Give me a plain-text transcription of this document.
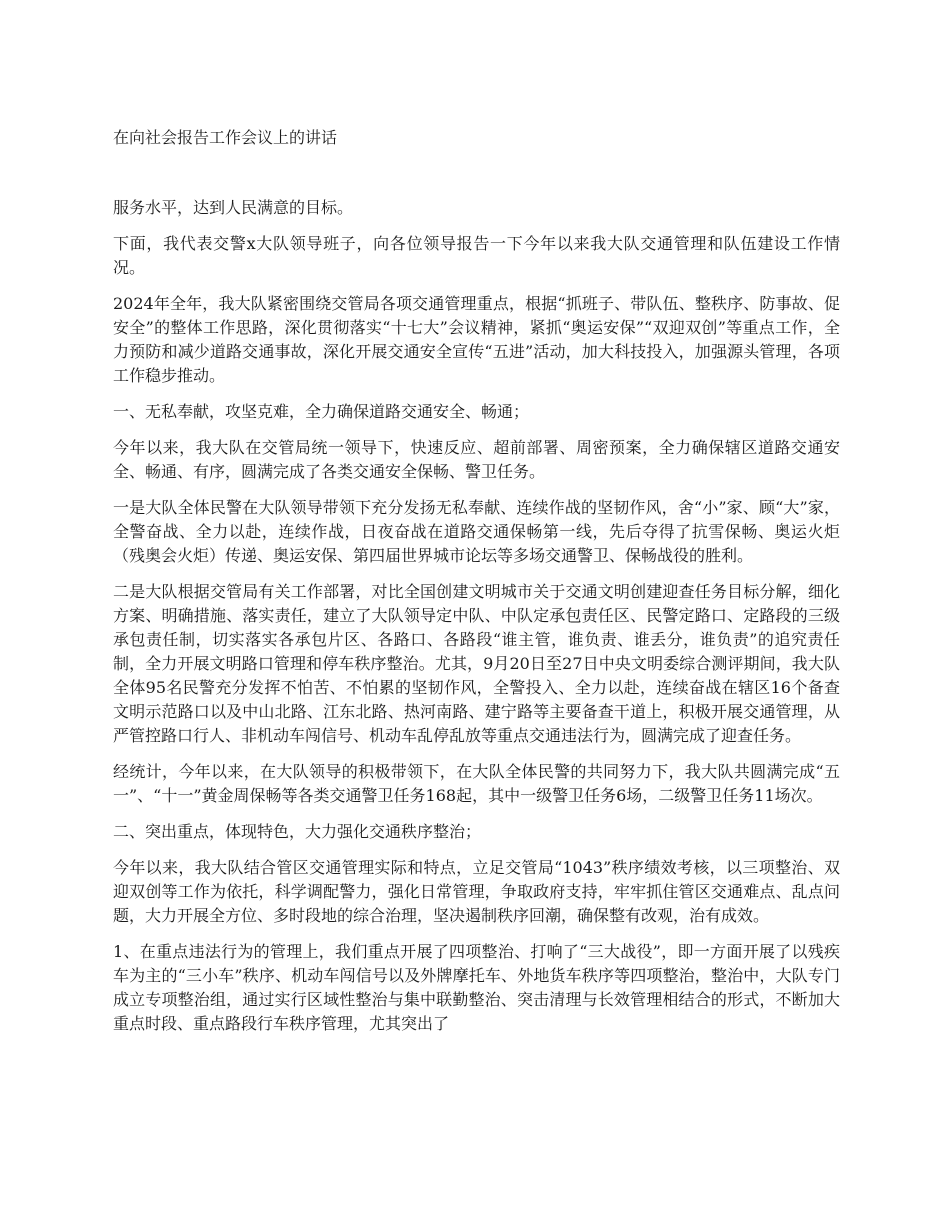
在向社会报告工作会议上的讲话

服务水平，达到人民满意的目标。

下面，我代表交警x大队领导班子，向各位领导报告一下今年以来我大队交通管理和队伍建设工作情况。

2024年全年，我大队紧密围绕交管局各项交通管理重点，根据“抓班子、带队伍、整秩序、防事故、促安全”的整体工作思路，深化贯彻落实“十七大”会议精神，紧抓“奥运安保”“双迎双创”等重点工作，全力预防和减少道路交通事故，深化开展交通安全宣传“五进”活动，加大科技投入，加强源头管理，各项工作稳步推动。

一、无私奉献，攻坚克难，全力确保道路交通安全、畅通；

今年以来，我大队在交管局统一领导下，快速反应、超前部署、周密预案，全力确保辖区道路交通安全、畅通、有序，圆满完成了各类交通安全保畅、警卫任务。

一是大队全体民警在大队领导带领下充分发扬无私奉献、连续作战的坚韧作风，舍“小”家、顾“大”家，全警奋战、全力以赴，连续作战，日夜奋战在道路交通保畅第一线，先后夺得了抗雪保畅、奥运火炬（残奥会火炬）传递、奥运安保、第四届世界城市论坛等多场交通警卫、保畅战役的胜利。

二是大队根据交管局有关工作部署，对比全国创建文明城市关于交通文明创建迎查任务目标分解，细化方案、明确措施、落实责任，建立了大队领导定中队、中队定承包责任区、民警定路口、定路段的三级承包责任制，切实落实各承包片区、各路口、各路段“谁主管，谁负责、谁丢分，谁负责”的追究责任制，全力开展文明路口管理和停车秩序整治。尤其，9月20日至27日中央文明委综合测评期间，我大队全体95名民警充分发挥不怕苦、不怕累的坚韧作风，全警投入、全力以赴，连续奋战在辖区16个备查文明示范路口以及中山北路、江东北路、热河南路、建宁路等主要备查干道上，积极开展交通管理，从严管控路口行人、非机动车闯信号、机动车乱停乱放等重点交通违法行为，圆满完成了迎查任务。

经统计，今年以来，在大队领导的积极带领下，在大队全体民警的共同努力下，我大队共圆满完成“五一”、“十一”黄金周保畅等各类交通警卫任务168起，其中一级警卫任务6场，二级警卫任务11场次。

二、突出重点，体现特色，大力强化交通秩序整治；

今年以来，我大队结合管区交通管理实际和特点，立足交管局“1043”秩序绩效考核，以三项整治、双迎双创等工作为依托，科学调配警力，强化日常管理，争取政府支持，牢牢抓住管区交通难点、乱点问题，大力开展全方位、多时段地的综合治理，坚决遏制秩序回潮，确保整有改观，治有成效。

1、在重点违法行为的管理上，我们重点开展了四项整治、打响了“三大战役”，即一方面开展了以残疾车为主的“三小车”秩序、机动车闯信号以及外牌摩托车、外地货车秩序等四项整治，整治中，大队专门成立专项整治组，通过实行区域性整治与集中联勤整治、突击清理与长效管理相结合的形式，不断加大重点时段、重点路段行车秩序管理，尤其突出了
